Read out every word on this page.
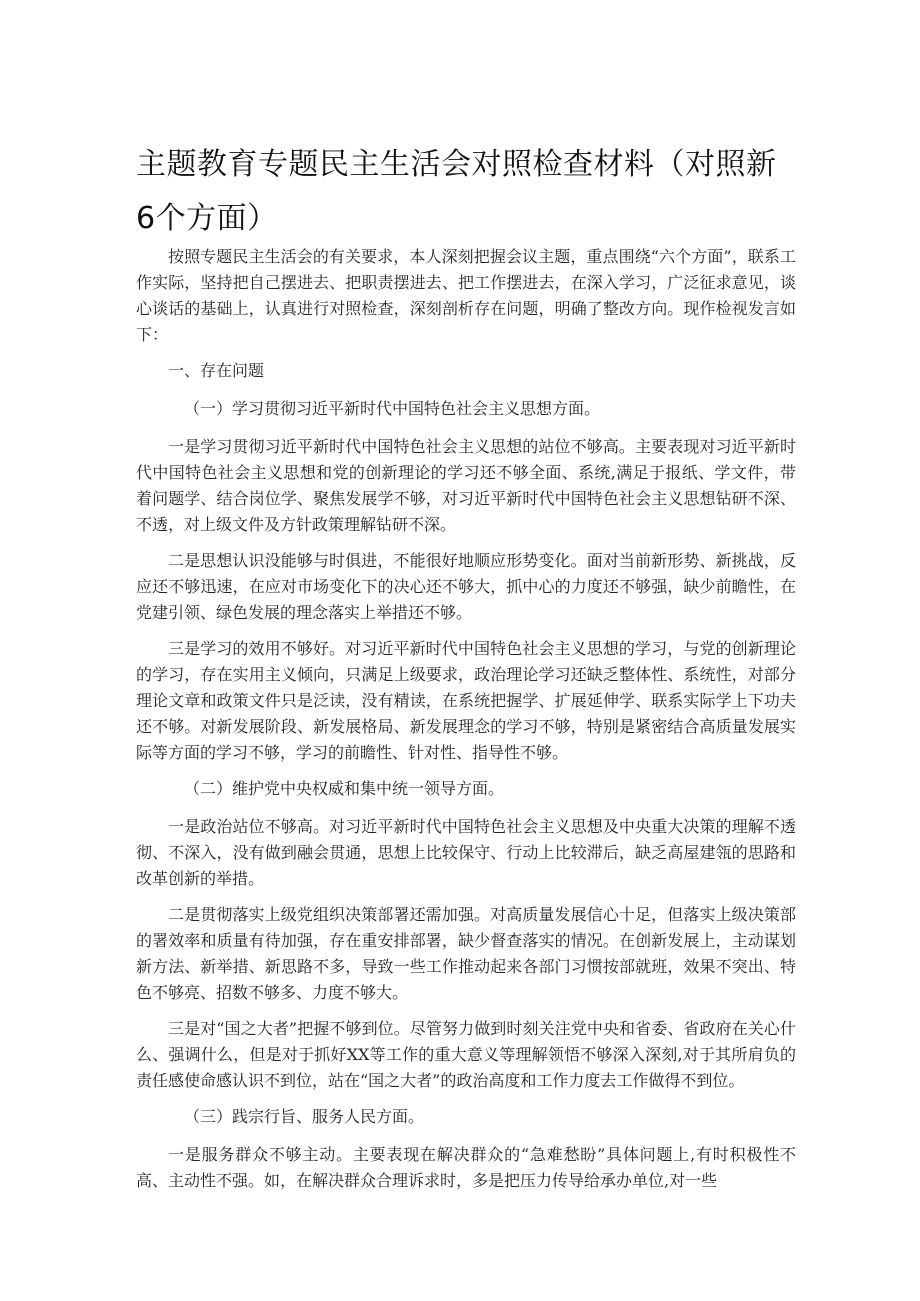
主题教育专题民主生活会对照检查材料（对照新6个方面）

按照专题民主生活会的有关要求，本人深刻把握会议主题，重点围绕“六个方面”，联系工作实际，坚持把自己摆进去、把职责摆进去、把工作摆进去，在深入学习，广泛征求意见，谈心谈话的基础上，认真进行对照检查，深刻剖析存在问题，明确了整改方向。现作检视发言如下：

一、存在问题

（一）学习贯彻习近平新时代中国特色社会主义思想方面。

一是学习贯彻习近平新时代中国特色社会主义思想的站位不够高。主要表现对习近平新时代中国特色社会主义思想和党的创新理论的学习还不够全面、系统,满足于报纸、学文件，带着问题学、结合岗位学、聚焦发展学不够，对习近平新时代中国特色社会主义思想钻研不深、不透，对上级文件及方针政策理解钻研不深。

二是思想认识没能够与时俱进，不能很好地顺应形势变化。面对当前新形势、新挑战，反应还不够迅速，在应对市场变化下的决心还不够大，抓中心的力度还不够强，缺少前瞻性，在党建引领、绿色发展的理念落实上举措还不够。

三是学习的效用不够好。对习近平新时代中国特色社会主义思想的学习，与党的创新理论的学习，存在实用主义倾向，只满足上级要求，政治理论学习还缺乏整体性、系统性，对部分理论文章和政策文件只是泛读，没有精读，在系统把握学、扩展延伸学、联系实际学上下功夫还不够。对新发展阶段、新发展格局、新发展理念的学习不够，特别是紧密结合高质量发展实际等方面的学习不够，学习的前瞻性、针对性、指导性不够。

（二）维护党中央权威和集中统一领导方面。

一是政治站位不够高。对习近平新时代中国特色社会主义思想及中央重大决策的理解不透彻、不深入，没有做到融会贯通，思想上比较保守、行动上比较滞后，缺乏高屋建瓴的思路和改革创新的举措。

二是贯彻落实上级党组织决策部署还需加强。对高质量发展信心十足，但落实上级决策部的署效率和质量有待加强，存在重安排部署，缺少督查落实的情况。在创新发展上，主动谋划新方法、新举措、新思路不多，导致一些工作推动起来各部门习惯按部就班，效果不突出、特色不够亮、招数不够多、力度不够大。

三是对“国之大者”把握不够到位。尽管努力做到时刻关注党中央和省委、省政府在关心什么、强调什么，但是对于抓好XX等工作的重大意义等理解领悟不够深入深刻,对于其所肩负的责任感使命感认识不到位，站在“国之大者”的政治高度和工作力度去工作做得不到位。

（三）践宗行旨、服务人民方面。

一是服务群众不够主动。主要表现在解决群众的“急难愁盼”具体问题上,有时积极性不高、主动性不强。如，在解决群众合理诉求时，多是把压力传导给承办单位,对一些
